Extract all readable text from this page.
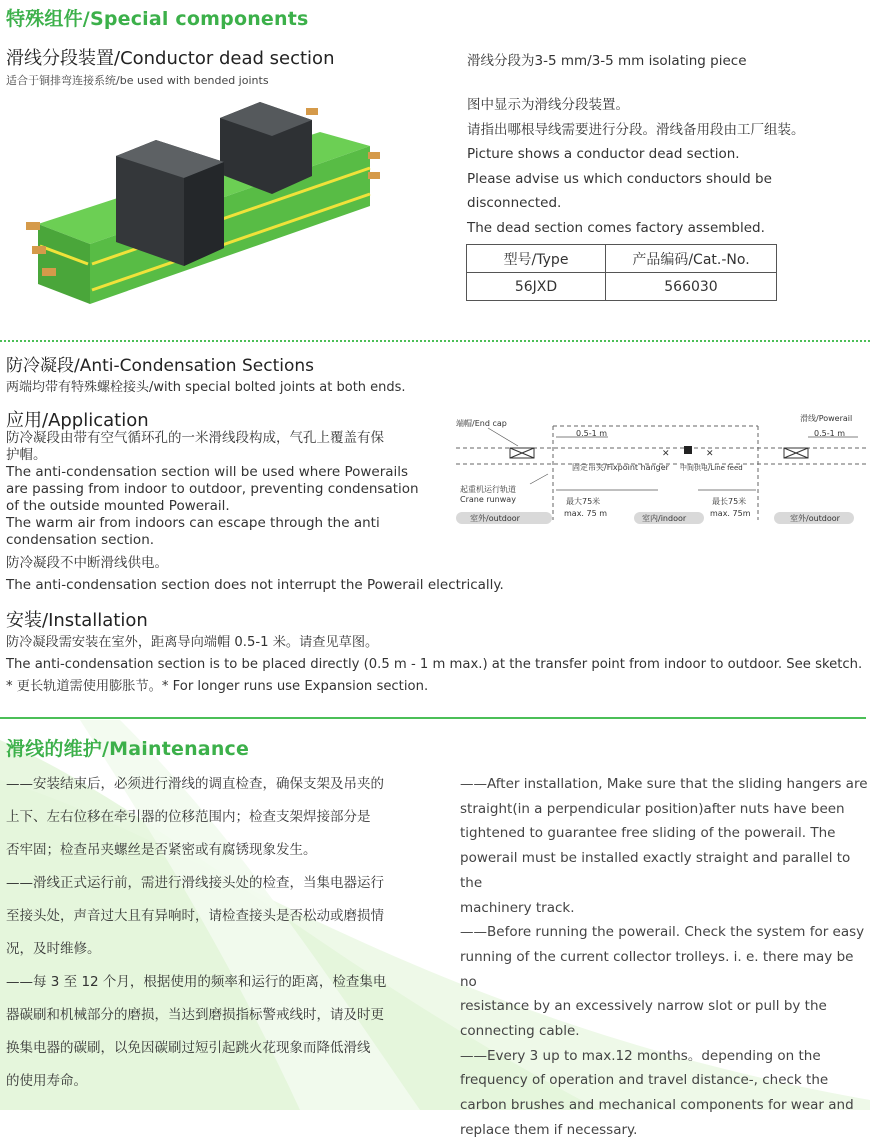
特殊组件/Special components
滑线分段装置/Conductor dead section
适合于铜排弯连接系统/be used with bended joints
滑线分段为3-5 mm/3-5 mm isolating piece
图中显示为滑线分段装置。
请指出哪根导线需要进行分段。滑线备用段由工厂组装。
Picture shows a conductor dead section.
Please advise us which conductors should be disconnected.
The dead section comes factory assembled.
型号/Type	产品编码/Cat.-No.
56JXD	566030
防冷凝段/Anti-Condensation Sections
两端均带有特殊螺栓接头/with special bolted joints at both ends.
应用/Application
防冷凝段由带有空气循环孔的一米滑线段构成，气孔上覆盖有保
护帽。
The anti-condensation section will be used where Powerails
are passing from indoor to outdoor, preventing condensation
of the outside mounted Powerail.
The warm air from indoors can escape through the anti
condensation section.
防冷凝段不中断滑线供电。
The anti-condensation section does not interrupt the Powerail electrically.
✕	✕
端帽/End cap
滑线/Powerail
0.5-1 m	0.5-1 m
固定吊夹/Fixpoint hanger 中间供电/Line feed
起重机运行轨道
Crane runway	最大75米
max. 75 m
最长75米
max. 75m
室外/outdoor	室内/indoor	室外/outdoor
安装/Installation
防冷凝段需安装在室外，距离导向端帽 0.5-1 米。请查见草图。
The anti-condensation section is to be placed directly (0.5 m - 1 m max.) at the transfer point from indoor to outdoor. See sketch.
* 更长轨道需使用膨胀节。* For longer runs use Expansion section.
滑线的维护/Maintenance

——安装结束后，必须进行滑线的调直检查，确保支架及吊夹的

上下、左右位移在牵引器的位移范围内；检查支架焊接部分是

否牢固；检查吊夹螺丝是否紧密或有腐锈现象发生。

——滑线正式运行前，需进行滑线接头处的检查，当集电器运行

至接头处，声音过大且有异响时，请检查接头是否松动或磨损情

况，及时维修。

——每 3 至 12 个月，根据使用的频率和运行的距离，检查集电

器碳刷和机械部分的磨损，当达到磨损指标警戒线时，请及时更

换集电器的碳刷，以免因碳刷过短引起跳火花现象而降低滑线

的使用寿命。

——After installation, Make sure that the sliding hangers are

straight(in a perpendicular position)after nuts have been

tightened to guarantee free sliding of the powerail. The

powerail must be installed exactly straight and parallel to the

machinery track.

——Before running the powerail. Check the system for easy

running of the current collector trolleys. i. e. there may be no

resistance by an excessively narrow slot or pull by the

connecting cable.

——Every 3 up to max.12 months。depending on the

frequency of operation and travel distance-, check the

carbon brushes and mechanical components for wear and

replace them if necessary.
